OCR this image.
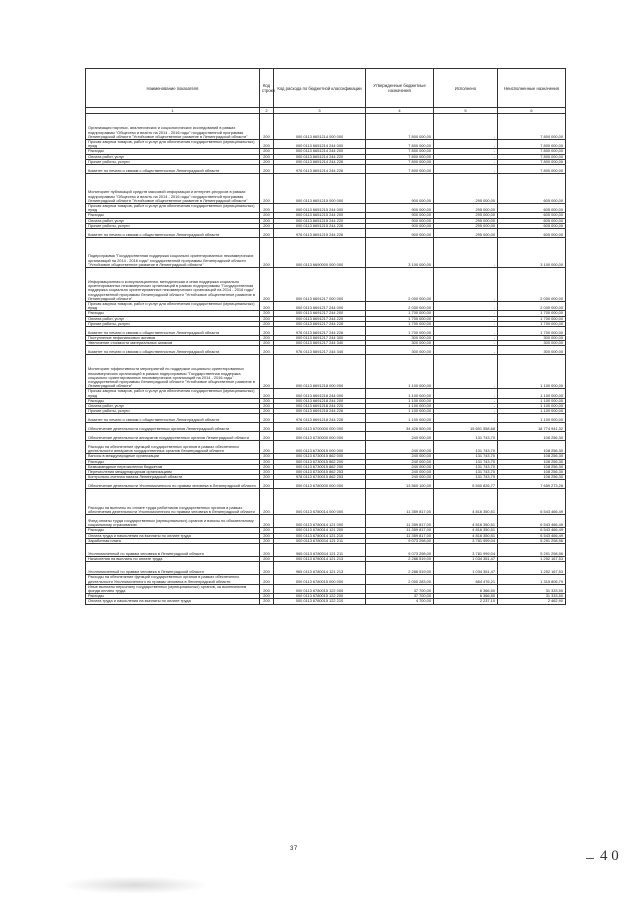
Наименование показателя	Код строки	Код расхода по бюджетной классификации	Утвержденные бюджетные назначения	Исполнено	Неисполненные назначения
1	2	3	4	5	6
Организация научных, аналитических и социологических исследований в рамках подпрограммы "Общество и власть на 2014 - 2016 годы" государственной программы Ленинградской области "Устойчивое общественное развитие в Ленинградской области"	200	000 0113 6651214 000 000	7 800 000,00	-	7 800 000,00
Прочая закупка товаров, работ и услуг для обеспечения государственных (муниципальных) нужд	200	000 0113 6651214 244 000	7 800 000,00	-	7 800 000,00
Расходы	200	000 0113 6651214 244 200	7 800 000,00	-	7 800 000,00
Оплата работ, услуг	200	000 0113 6651214 244 220	7 800 000,00	-	7 800 000,00
Прочие работы, услуги	200	000 0113 6651214 244 226	7 800 000,00	-	7 800 000,00
Комитет по печати и связям с общественностью Ленинградской области	200	976 0113 6651214 244 226	7 800 000,00	-	7 800 000,00
Мониторинг публикаций средств массовой информации и интернет-ресурсов в рамках подпрограммы "Общество и власть на 2014 - 2016 годы" государственной программы Ленинградской области "Устойчивое общественное развитие в Ленинградской области"	200	000 0113 6651215 000 000	900 000,00	295 000,00	605 000,00
Прочая закупка товаров, работ и услуг для обеспечения государственных (муниципальных) нужд	200	000 0113 6651215 244 000	900 000,00	295 000,00	605 000,00
Расходы	200	000 0113 6651215 244 200	900 000,00	295 000,00	605 000,00
Оплата работ, услуг	200	000 0113 6651215 244 220	900 000,00	295 000,00	605 000,00
Прочие работы, услуги	200	000 0113 6651215 244 226	900 000,00	295 000,00	605 000,00
Комитет по печати и связям с общественностью Ленинградской области	200	976 0113 6651215 244 226	900 000,00	295 000,00	605 000,00
Подпрограмма "Государственная поддержка социально ориентированных некоммерческих организаций на 2014 - 2016 годы" государственной программы Ленинградской области "Устойчивое общественное развитие в Ленинградской области"	200	000 0113 6690000 000 000	3 100 000,00	-	3 100 000,00
Информационная и консультационная, методическая и иная поддержка социально ориентированных некоммерческих организаций в рамках подпрограммы "Государственная поддержка социально ориентированных некоммерческих организаций на 2014 - 2016 годы" государственной программы Ленинградской области "Устойчивое общественное развитие в Ленинградской области"	200	000 0113 6691217 000 000	2 000 000,00	-	2 000 000,00
Прочая закупка товаров, работ и услуг для обеспечения государственных (муниципальных) нужд	200	000 0113 6691217 244 000	2 000 000,00	-	2 000 000,00
Расходы	200	000 0113 6691217 244 200	1 700 000,00	-	1 700 000,00
Оплата работ, услуг	200	000 0113 6691217 244 220	1 700 000,00	-	1 700 000,00
Прочие работы, услуги	200	000 0113 6691217 244 226	1 700 000,00	-	1 700 000,00
Комитет по печати и связям с общественностью Ленинградской области	200	976 0113 6691217 244 226	1 700 000,00	-	1 700 000,00
Поступление нефинансовых активов	200	000 0113 6691217 244 300	300 000,00	-	300 000,00
Увеличение стоимости материальных запасов	200	000 0113 6691217 244 340	300 000,00	-	300 000,00
Комитет по печати и связям с общественностью Ленинградской области	200	976 0113 6691217 244 340	300 000,00	-	300 000,00
Мониторинг эффективности мероприятий по поддержке социально ориентированных некоммерческих организаций в рамках подпрограммы "Государственная поддержка социально ориентированных некоммерческих организаций на 2014 - 2016 годы" государственной программы Ленинградской области "Устойчивое общественное развитие в Ленинградской области"	200	000 0113 6691218 000 000	1 100 000,00	-	1 100 000,00
Прочая закупка товаров, работ и услуг для обеспечения государственных (муниципальных) нужд	200	000 0113 6691218 244 000	1 100 000,00	-	1 100 000,00
Расходы	200	000 0113 6691218 244 200	1 100 000,00	-	1 100 000,00
Оплата работ, услуг	200	000 0113 6691218 244 220	1 100 000,00	-	1 100 000,00
Прочие работы, услуги	200	000 0113 6691218 244 226	1 100 000,00	-	1 100 000,00
Комитет по печати и связям с общественностью Ленинградской области	200	976 0113 6691218 244 226	1 100 000,00	-	1 100 000,00
Обеспечение деятельности государственных органов Ленинградской области	200	000 0113 6700000 000 000	34 426 500,00	15 651 558,68	18 774 941,32
Обеспечение деятельности аппаратов государственных органов Ленинградской области	200	000 0113 6730000 000 000	240 000,00	131 743,70	108 256,30
Расходы на обеспечение функций государственных органов в рамках обеспечения деятельности аппаратов государственных органов Ленинградской области	200	000 0113 6730015 000 000	240 000,00	131 743,70	108 256,30
Взносы в международные организации	200	000 0113 6730015 862 000	240 000,00	131 743,70	108 256,30
Расходы	200	000 0113 6730015 862 200	240 000,00	131 743,70	108 256,30
Безвозмездные перечисления бюджетам	200	000 0113 6730015 862 250	240 000,00	131 743,70	108 256,30
Перечисления международным организациям	200	000 0113 6730015 862 253	240 000,00	131 743,70	108 256,30
Контрольно-счетная палата Ленинградской области	200	978 0113 6730015 862 253	240 000,00	131 743,70	108 256,30
Обеспечение деятельности Уполномоченного по правам человека в Ленинградской области	200	000 0113 6780000 000 000	13 560 100,00	5 500 826,77	7 659 273,28
Расходы на выплаты по оплате труда работников государственных органов в рамках обеспечения деятельности Уполномоченного по правам человека в Ленинградской области	200	000 0113 6780014 000 000	11 359 817,00	4 816 350,51	6 543 466,49
Фонд оплаты труда государственных (муниципальных) органов и взносы по обязательному социальному страхованию	200	000 0113 6780014 121 000	11 359 817,00	4 816 350,51	6 543 466,49
Расходы	200	000 0113 6780014 121 200	11 359 817,00	4 816 350,51	6 543 466,49
Оплата труда и начисления на выплаты по оплате труда	200	000 0113 6780014 121 210	11 359 817,00	4 816 350,51	6 543 466,49
Заработная плата	200	000 0113 6780014 121 211	9 073 298,00	3 781 999,04	5 291 298,96
Уполномоченный по правам человека в Ленинградской области	200	965 0113 6780014 121 211	9 073 298,00	3 781 999,04	5 291 298,96
Начисления на выплаты по оплате труда	200	000 0113 6780014 121 213	2 286 519,00	1 034 351,47	1 252 167,53
Уполномоченный по правам человека в Ленинградской области	200	965 0113 6780014 121 213	2 286 519,00	1 034 351,47	1 252 167,53
Расходы на обеспечение функций государственных органов в рамках обеспечения деятельности Уполномоченного по правам человека в Ленинградской области	200	000 0113 6780015 000 000	2 000 283,00	684 476,21	1 315 806,79
Иные выплаты персоналу государственных (муниципальных) органов, за исключением фонда оплаты труда	200	000 0113 6780015 122 000	37 700,00	6 366,50	31 333,50
Расходы	200	000 0113 6780015 122 200	37 700,00	6 366,50	31 333,50
Оплата труда и начисления на выплаты по оплате труда	200	000 0113 6780015 122 210	4 700,00	2 237,10	2 462,90
37	4 0
